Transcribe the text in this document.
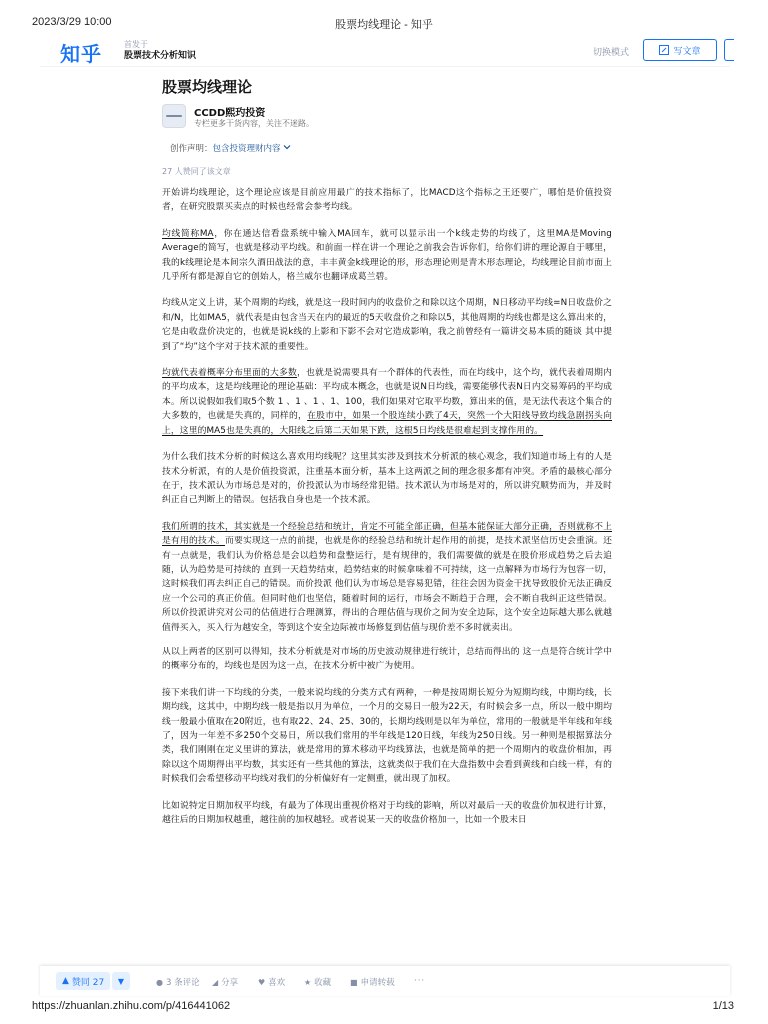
2023/3/29 10:00	股票均线理论 - 知乎
知乎	首发于
股票技术分析知识	切换模式	写文章
股票均线理论
CCDD熙玓投资
专栏更多干货内容，关注不迷路。
创作声明：包含投资理财内容
27 人赞同了该文章

开始讲均线理论，这个理论应该是目前应用最广的技术指标了，比MACD这个指标之王还要广，哪怕是价值投资者，在研究股票买卖点的时候也经常会参考均线。

均线简称MA，你在通达信看盘系统中输入MA回车，就可以显示出一个k线走势的均线了，这里MA是Moving Average的简写，也就是移动平均线。和前面一样在讲一个理论之前我会告诉你们，给你们讲的理论源自于哪里，我的k线理论是本间宗久酒田战法的意，丰丰黄金k线理论的形，形态理论则是青木形态理论，均线理论目前市面上几乎所有都是源自它的创始人，格兰威尔也翻译成葛兰碧。

均线从定义上讲，某个周期的均线，就是这一段时间内的收盘价之和除以这个周期，N日移动平均线=N日收盘价之和/N，比如MA5，就代表是由包含当天在内的最近的5天收盘价之和除以5，其他周期的均线也都是这么算出来的，它是由收盘价决定的，也就是说k线的上影和下影不会对它造成影响，我之前曾经有一篇讲交易本质的随谈 其中提到了“均”这个字对于技术派的重要性。

均就代表着概率分布里面的大多数，也就是说需要具有一个群体的代表性，而在均线中，这个均，就代表着周期内的平均成本，这是均线理论的理论基础：平均成本概念，也就是说N日均线，需要能够代表N日内交易筹码的平均成本。所以说假如我们取5个数 1 、1 、1 、1、100，我们如果对它取平均数，算出来的值，是无法代表这个集合的大多数的，也就是失真的，同样的，在股市中，如果一个股连续小跌了4天，突然一个大阳线导致均线急剧拐头向上，这里的MA5也是失真的，大阳线之后第二天如果下跌，这根5日均线是很难起到支撑作用的。

为什么我们技术分析的时候这么喜欢用均线呢？这里其实涉及到技术分析派的核心观念，我们知道市场上有的人是技术分析派，有的人是价值投资派，注重基本面分析，基本上这两派之间的理念很多都有冲突。矛盾的最核心部分在于，技术派认为市场总是对的，价投派认为市场经常犯错。技术派认为市场是对的，所以讲究顺势而为，并及时纠正自己判断上的错误。包括我自身也是一个技术派。

我们所谓的技术，其实就是一个经验总结和统计，肯定不可能全部正确，但基本能保证大部分正确，否则就称不上是有用的技术。而要实现这一点的前提，也就是你的经验总结和统计起作用的前提，是技术派坚信历史会重演。还有一点就是，我们认为价格总是会以趋势和盘整运行，是有规律的，我们需要做的就是在股价形成趋势之后去追随，认为趋势是可持续的 直到一天趋势结束，趋势结束的时候拿味着不可持续，这一点解释为市场行为包容一切，这时候我们再去纠正自己的错误。而价投派 他们认为市场总是容易犯错，往往会因为资金干扰导致股价无法正确反应一个公司的真正价值。但同时他们也坚信，随着时间的运行，市场会不断趋于合理，会不断自我纠正这些错误。所以价投派讲究对公司的估值进行合理测算，得出的合理估值与现价之间为安全边际，这个安全边际越大那么就越值得买入，买入行为越安全，等到这个安全边际被市场修复到估值与现价差不多时就卖出。

从以上两者的区别可以得知，技术分析就是对市场的历史波动规律进行统计，总结而得出的 这一点是符合统计学中的概率分布的，均线也是因为这一点，在技术分析中被广为使用。

接下来我们讲一下均线的分类，一般来说均线的分类方式有两种，一种是按周期长短分为短期均线，中期均线，长期均线，这其中，中期均线一般是指以月为单位，一个月的交易日一般为22天，有时候会多一点，所以一般中期均线一般最小值取在20附近，也有取22、24、25、30的，长期均线则是以年为单位，常用的一般就是半年线和年线了，因为一年差不多250个交易日，所以我们常用的半年线是120日线，年线为250日线。另一种则是根据算法分类，我们刚刚在定义里讲的算法，就是常用的算术移动平均线算法，也就是简单的把一个周期内的收盘价相加，再除以这个周期得出平均数，其实还有一些其他的算法，这就类似于我们在大盘指数中会看到黄线和白线一样，有的时候我们会希望移动平均线对我们的分析偏好有一定侧重，就出现了加权。

比如说特定日期加权平均线，有最为了体现出重视价格对于均线的影响，所以对最后一天的收盘价加权进行计算，越往后的日期加权越重，越往前的加权越轻。或者说某一天的收盘价格加一，比如一个股末日

▲ 赞同 27 ▼	● 3 条评论 ◢ 分享 ♥ 喜欢 ★ 收藏 ■ 申请转载 ···
https://zhuanlan.zhihu.com/p/416441062	1/13
